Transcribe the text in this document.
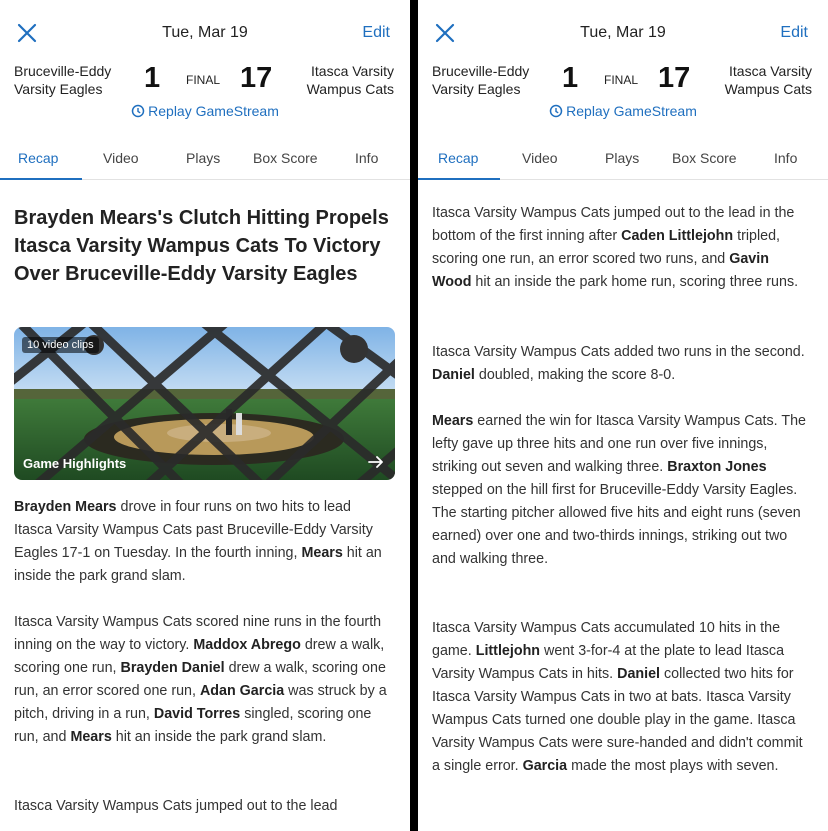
Tue, Mar 19	Edit
Bruceville-Eddy
Varsity Eagles	1 FINAL 17	Itasca Varsity
Wampus Cats
Replay GameStream
Recap	Video	Plays Box Score	Info
Brayden Mears's Clutch Hitting Propels Itasca Varsity Wampus Cats To Victory Over Bruceville-Eddy Varsity Eagles
10 video clips
Game Highlights
Brayden Mears drove in four runs on two hits to lead Itasca Varsity Wampus Cats past Bruceville-Eddy Varsity Eagles 17-1 on Tuesday. In the fourth inning, Mears hit an inside the park grand slam.
Itasca Varsity Wampus Cats scored nine runs in the fourth inning on the way to victory. Maddox Abrego drew a walk, scoring one run, Brayden Daniel drew a walk, scoring one run, an error scored one run, Adan Garcia was struck by a pitch, driving in a run, David Torres singled, scoring one run, and Mears hit an inside the park grand slam.
Itasca Varsity Wampus Cats jumped out to the lead
Tue, Mar 19	Edit
Bruceville-Eddy
Varsity Eagles	1 FINAL 17	Itasca Varsity
Wampus Cats
Replay GameStream
Recap	Video	Plays Box Score	Info
Itasca Varsity Wampus Cats jumped out to the lead in the bottom of the first inning after Caden Littlejohn tripled, scoring one run, an error scored two runs, and Gavin Wood hit an inside the park home run, scoring three runs.
Itasca Varsity Wampus Cats added two runs in the second. Daniel doubled, making the score 8-0.
Mears earned the win for Itasca Varsity Wampus Cats. The lefty gave up three hits and one run over five innings, striking out seven and walking three. Braxton Jones stepped on the hill first for Bruceville-Eddy Varsity Eagles. The starting pitcher allowed five hits and eight runs (seven earned) over one and two-thirds innings, striking out two and walking three.
Itasca Varsity Wampus Cats accumulated 10 hits in the game. Littlejohn went 3-for-4 at the plate to lead Itasca Varsity Wampus Cats in hits. Daniel collected two hits for Itasca Varsity Wampus Cats in two at bats. Itasca Varsity Wampus Cats turned one double play in the game. Itasca Varsity Wampus Cats were sure-handed and didn't commit a single error. Garcia made the most plays with seven.
